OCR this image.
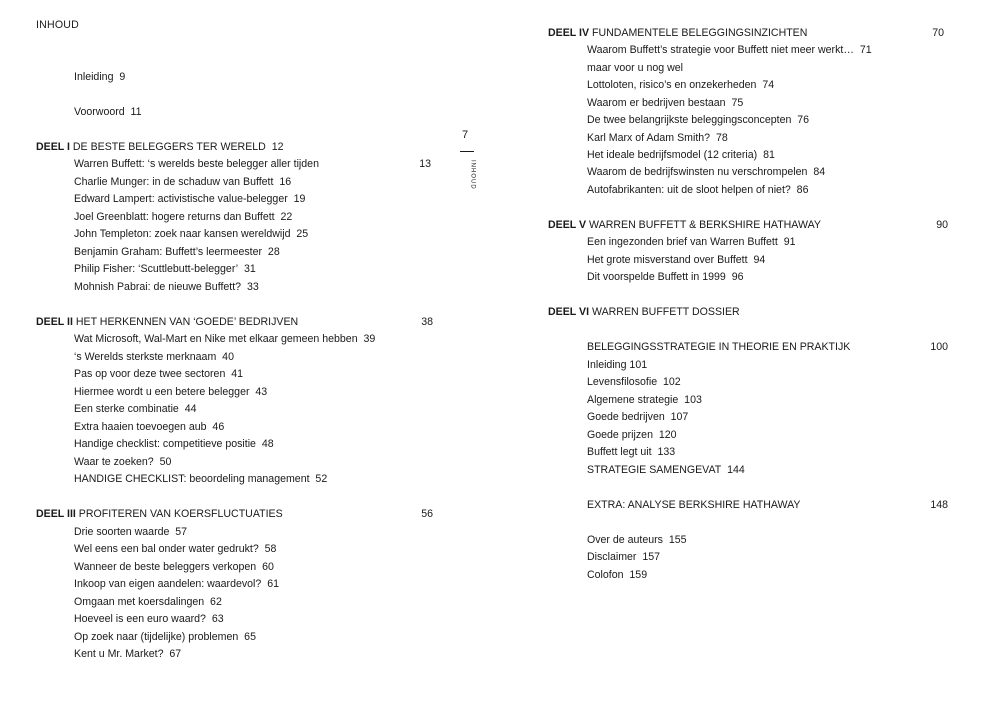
INHOUD
7
INHOUD
Inleiding 9
Voorwoord 11
DEEL I DE BESTE BELEGGERS TER WERELD 12
Warren Buffett: ‘s werelds beste belegger aller tijden	13
Charlie Munger: in de schaduw van Buffett 16
Edward Lampert: activistische value-belegger 19
Joel Greenblatt: hogere returns dan Buffett 22
John Templeton: zoek naar kansen wereldwijd 25
Benjamin Graham: Buffett’s leermeester 28
Philip Fisher: ‘Scuttlebutt-belegger’ 31
Mohnish Pabrai: de nieuwe Buffett? 33
DEEL II HET HERKENNEN VAN ‘GOEDE’ BEDRIJVEN	38
Wat Microsoft, Wal-Mart en Nike met elkaar gemeen hebben 39
‘s Werelds sterkste merknaam 40
Pas op voor deze twee sectoren 41
Hiermee wordt u een betere belegger 43
Een sterke combinatie 44
Extra haaien toevoegen aub 46
Handige checklist: competitieve positie 48
Waar te zoeken? 50
HANDIGE CHECKLIST: beoordeling management 52
DEEL III PROFITEREN VAN KOERSFLUCTUATIES	56
Drie soorten waarde 57
Wel eens een bal onder water gedrukt? 58
Wanneer de beste beleggers verkopen 60
Inkoop van eigen aandelen: waardevol? 61
Omgaan met koersdalingen 62
Hoeveel is een euro waard? 63
Op zoek naar (tijdelijke) problemen 65
Kent u Mr. Market? 67
DEEL IV FUNDAMENTELE BELEGGINGSINZICHTEN	70
Waarom Buffett’s strategie voor Buffett niet meer werkt… 71
maar voor u nog wel
Lottoloten, risico’s en onzekerheden 74
Waarom er bedrijven bestaan 75
De twee belangrijkste beleggingsconcepten 76
Karl Marx of Adam Smith? 78
Het ideale bedrijfsmodel (12 criteria) 81
Waarom de bedrijfswinsten nu verschrompelen 84
Autofabrikanten: uit de sloot helpen of niet? 86
DEEL V WARREN BUFFETT & BERKSHIRE HATHAWAY	90
Een ingezonden brief van Warren Buffett 91
Het grote misverstand over Buffett 94
Dit voorspelde Buffett in 1999 96
DEEL VI WARREN BUFFETT DOSSIER
BELEGGINGSSTRATEGIE IN THEORIE EN PRAKTIJK	100
Inleiding 101
Levensfilosofie 102
Algemene strategie 103
Goede bedrijven 107
Goede prijzen 120
Buffett legt uit 133
STRATEGIE SAMENGEVAT 144
EXTRA: ANALYSE BERKSHIRE HATHAWAY	148
Over de auteurs 155
Disclaimer 157
Colofon 159
